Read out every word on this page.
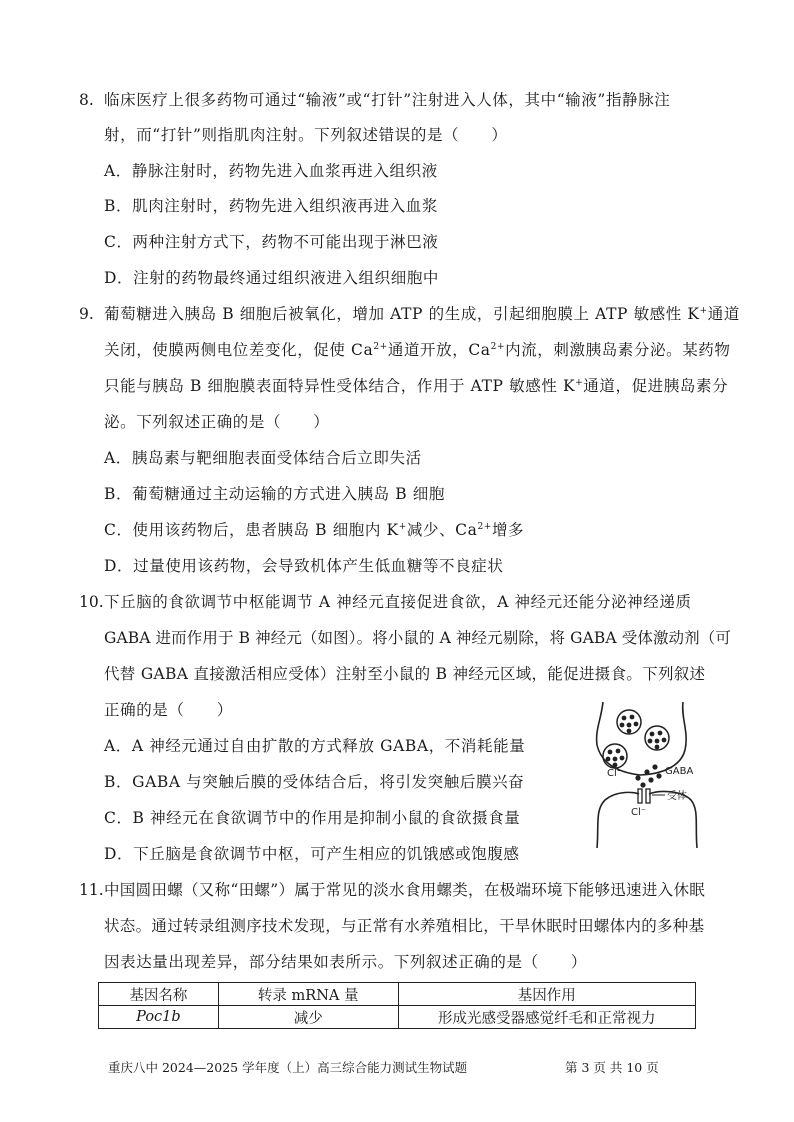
8. 临床医疗上很多药物可通过“输液”或“打针”注射进入人体，其中“输液”指静脉注
射，而“打针”则指肌肉注射。下列叙述错误的是（　　）
A．静脉注射时，药物先进入血浆再进入组织液
B．肌肉注射时，药物先进入组织液再进入血浆
C．两种注射方式下，药物不可能出现于淋巴液
D．注射的药物最终通过组织液进入组织细胞中
9. 葡萄糖进入胰岛 B 细胞后被氧化，增加 ATP 的生成，引起细胞膜上 ATP 敏感性 K+通道
关闭，使膜两侧电位差变化，促使 $Ca^{2+}$通道开放，$Ca^{2+}$内流，刺激胰岛素分泌。某药物
只能与胰岛 B 细胞膜表面特异性受体结合，作用于 ATP 敏感性 K+通道，促进胰岛素分
泌。下列叙述正确的是（　　）
A．胰岛素与靶细胞表面受体结合后立即失活
B．葡萄糖通过主动运输的方式进入胰岛 B 细胞
C．使用该药物后，患者胰岛 B 细胞内 K+减少、$Ca^{2+}$增多
D．过量使用该药物，会导致机体产生低血糖等不良症状
10. 下丘脑的食欲调节中枢能调节 A 神经元直接促进食欲，A 神经元还能分泌神经递质
GABA 进而作用于 B 神经元（如图）。将小鼠的 A 神经元剔除，将 GABA 受体激动剂（可
代替 GABA 直接激活相应受体）注射至小鼠的 B 神经元区域，能促进摄食。下列叙述
正确的是（　　）
A．A 神经元通过自由扩散的方式释放 GABA，不消耗能量
B．GABA 与突触后膜的受体结合后，将引发突触后膜兴奋
C．B 神经元在食欲调节中的作用是抑制小鼠的食欲摄食量
D．下丘脑是食欲调节中枢，可产生相应的饥饿感或饱腹感
GABA
Cl⁻
受体
Cl⁻
11. 中国圆田螺（又称“田螺”）属于常见的淡水食用螺类，在极端环境下能够迅速进入休眠
状态。通过转录组测序技术发现，与正常有水养殖相比，干旱休眠时田螺体内的多种基
因表达量出现差异，部分结果如表所示。下列叙述正确的是（　　）
基因名称	转录 mRNA 量	基因作用
Poc1b	减少	形成光感受器感觉纤毛和正常视力
重庆八中 2024—2025 学年度（上）高三综合能力测试生物试题	第 3 页 共 10 页
